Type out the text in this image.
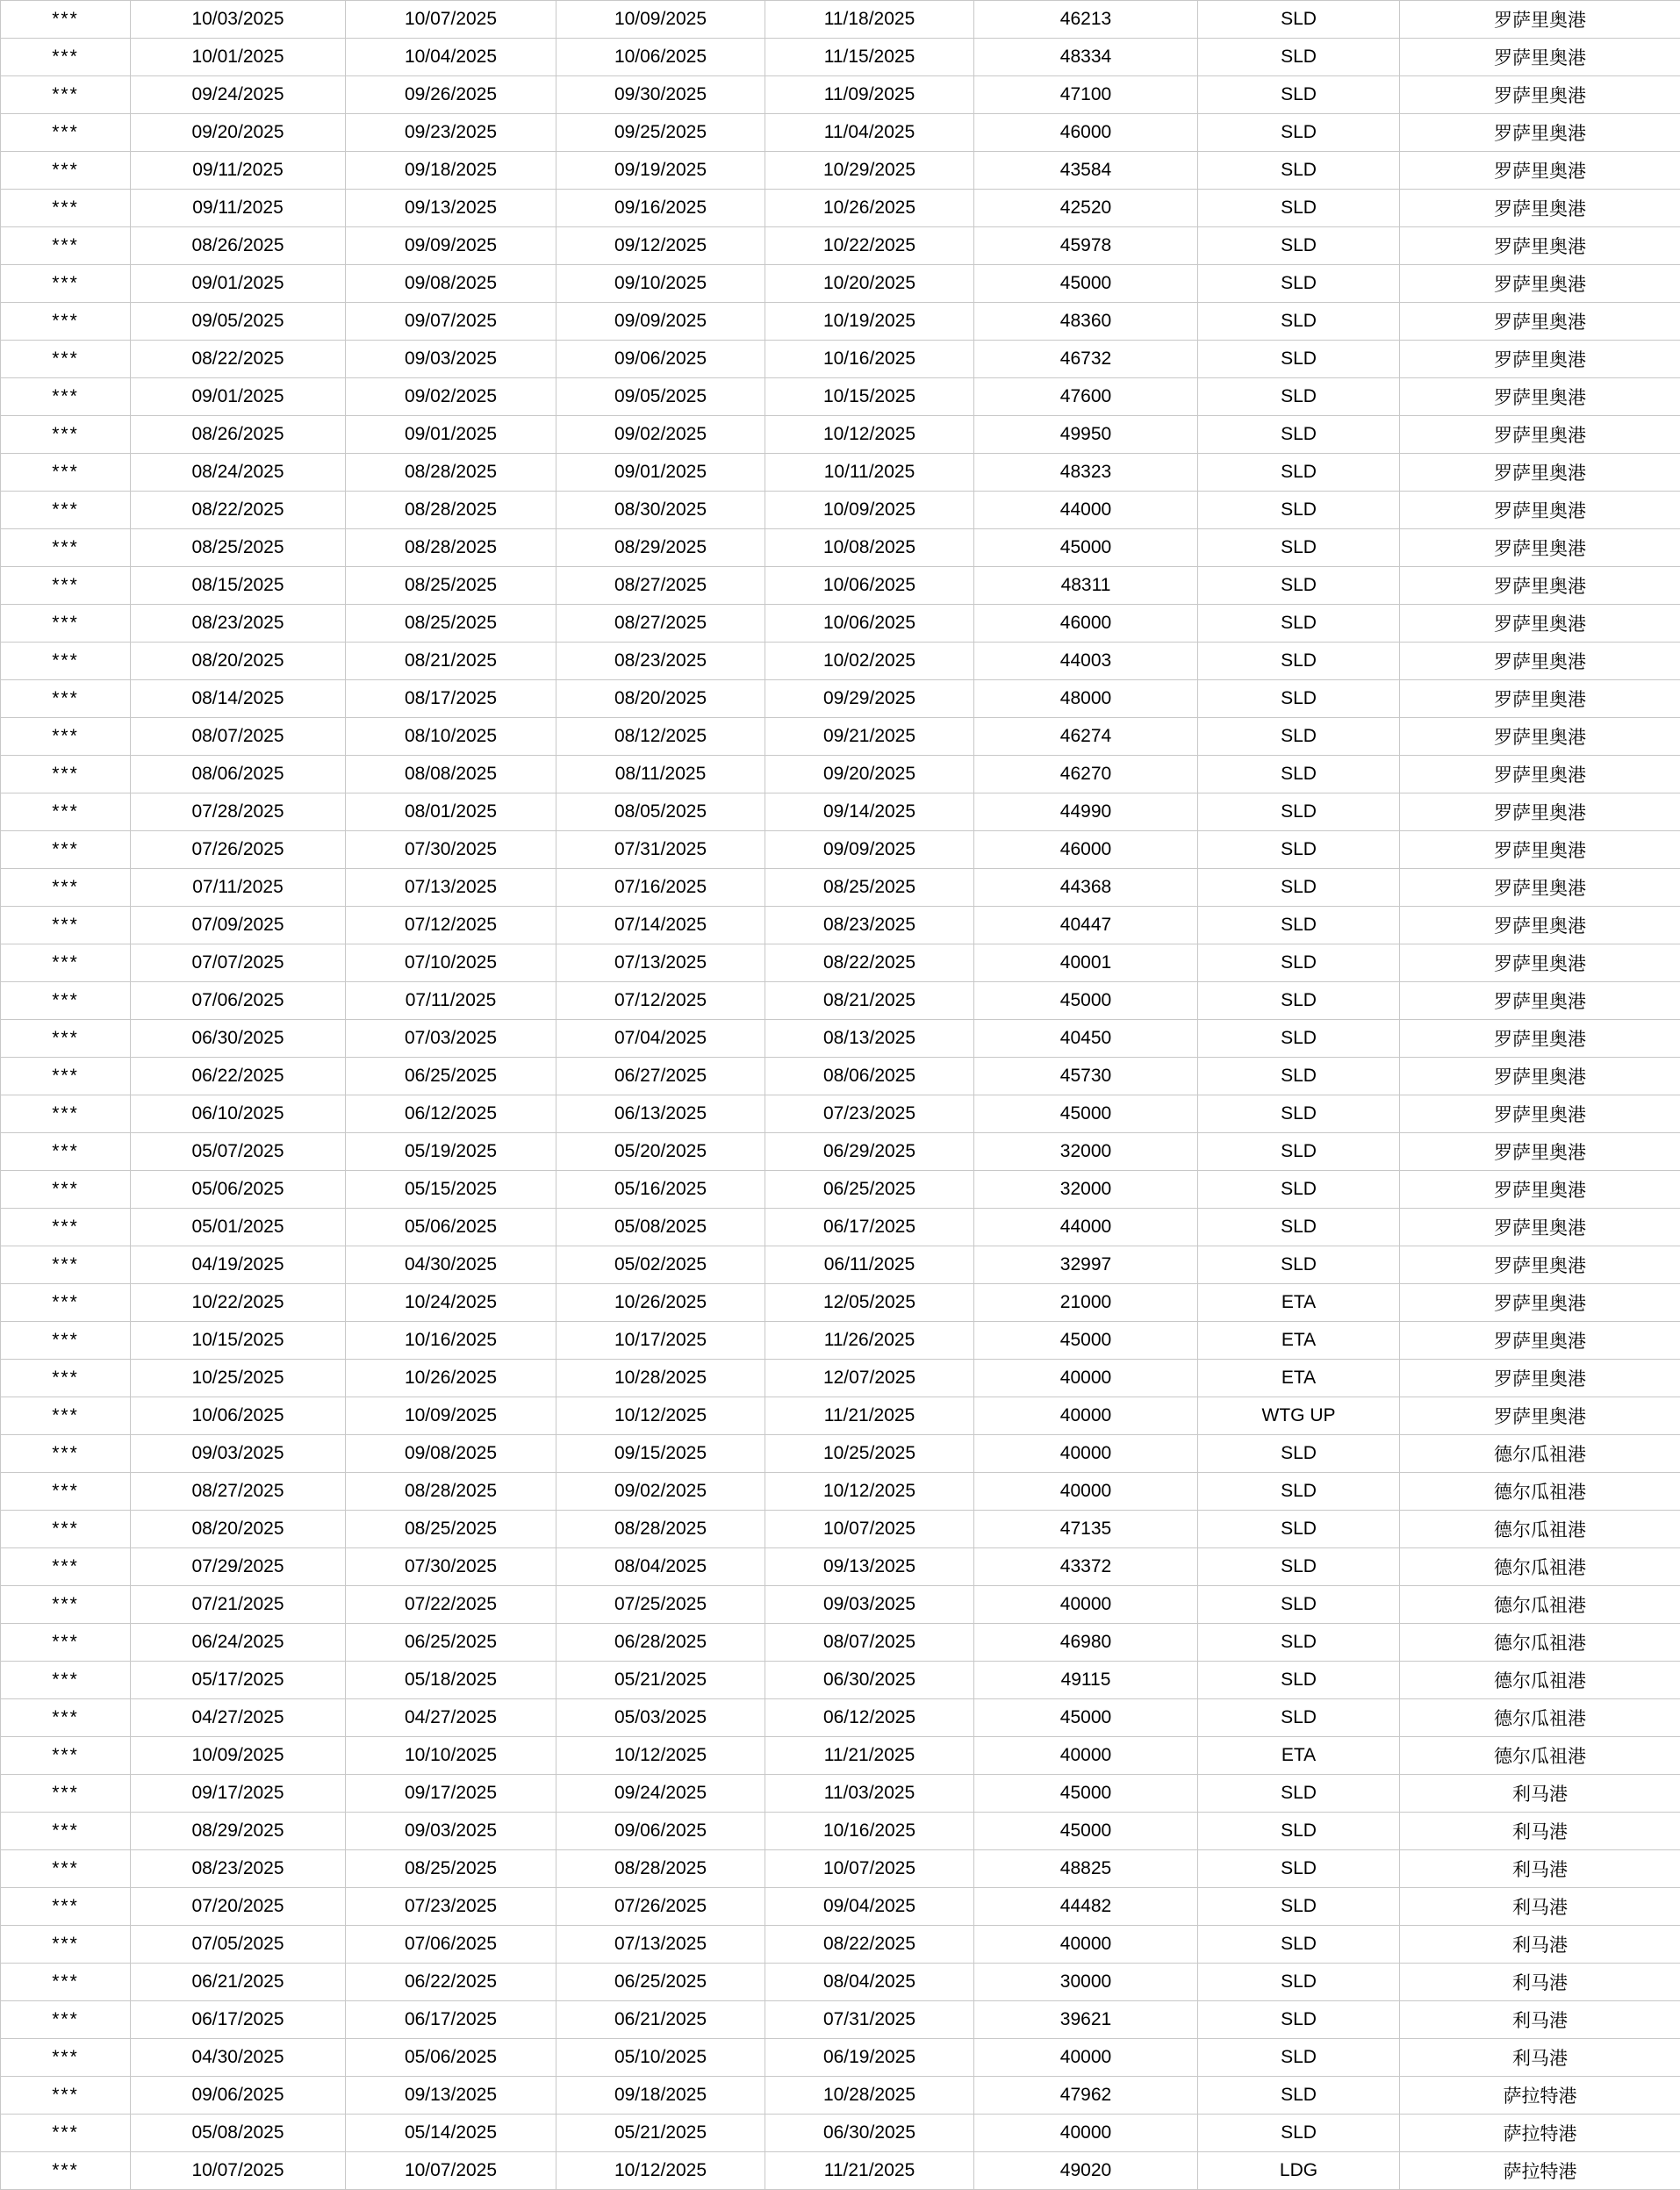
***	10/03/2025	10/07/2025	10/09/2025	11/18/2025	46213	SLD	罗萨里奥港
***	10/01/2025	10/04/2025	10/06/2025	11/15/2025	48334	SLD	罗萨里奥港
***	09/24/2025	09/26/2025	09/30/2025	11/09/2025	47100	SLD	罗萨里奥港
***	09/20/2025	09/23/2025	09/25/2025	11/04/2025	46000	SLD	罗萨里奥港
***	09/11/2025	09/18/2025	09/19/2025	10/29/2025	43584	SLD	罗萨里奥港
***	09/11/2025	09/13/2025	09/16/2025	10/26/2025	42520	SLD	罗萨里奥港
***	08/26/2025	09/09/2025	09/12/2025	10/22/2025	45978	SLD	罗萨里奥港
***	09/01/2025	09/08/2025	09/10/2025	10/20/2025	45000	SLD	罗萨里奥港
***	09/05/2025	09/07/2025	09/09/2025	10/19/2025	48360	SLD	罗萨里奥港
***	08/22/2025	09/03/2025	09/06/2025	10/16/2025	46732	SLD	罗萨里奥港
***	09/01/2025	09/02/2025	09/05/2025	10/15/2025	47600	SLD	罗萨里奥港
***	08/26/2025	09/01/2025	09/02/2025	10/12/2025	49950	SLD	罗萨里奥港
***	08/24/2025	08/28/2025	09/01/2025	10/11/2025	48323	SLD	罗萨里奥港
***	08/22/2025	08/28/2025	08/30/2025	10/09/2025	44000	SLD	罗萨里奥港
***	08/25/2025	08/28/2025	08/29/2025	10/08/2025	45000	SLD	罗萨里奥港
***	08/15/2025	08/25/2025	08/27/2025	10/06/2025	48311	SLD	罗萨里奥港
***	08/23/2025	08/25/2025	08/27/2025	10/06/2025	46000	SLD	罗萨里奥港
***	08/20/2025	08/21/2025	08/23/2025	10/02/2025	44003	SLD	罗萨里奥港
***	08/14/2025	08/17/2025	08/20/2025	09/29/2025	48000	SLD	罗萨里奥港
***	08/07/2025	08/10/2025	08/12/2025	09/21/2025	46274	SLD	罗萨里奥港
***	08/06/2025	08/08/2025	08/11/2025	09/20/2025	46270	SLD	罗萨里奥港
***	07/28/2025	08/01/2025	08/05/2025	09/14/2025	44990	SLD	罗萨里奥港
***	07/26/2025	07/30/2025	07/31/2025	09/09/2025	46000	SLD	罗萨里奥港
***	07/11/2025	07/13/2025	07/16/2025	08/25/2025	44368	SLD	罗萨里奥港
***	07/09/2025	07/12/2025	07/14/2025	08/23/2025	40447	SLD	罗萨里奥港
***	07/07/2025	07/10/2025	07/13/2025	08/22/2025	40001	SLD	罗萨里奥港
***	07/06/2025	07/11/2025	07/12/2025	08/21/2025	45000	SLD	罗萨里奥港
***	06/30/2025	07/03/2025	07/04/2025	08/13/2025	40450	SLD	罗萨里奥港
***	06/22/2025	06/25/2025	06/27/2025	08/06/2025	45730	SLD	罗萨里奥港
***	06/10/2025	06/12/2025	06/13/2025	07/23/2025	45000	SLD	罗萨里奥港
***	05/07/2025	05/19/2025	05/20/2025	06/29/2025	32000	SLD	罗萨里奥港
***	05/06/2025	05/15/2025	05/16/2025	06/25/2025	32000	SLD	罗萨里奥港
***	05/01/2025	05/06/2025	05/08/2025	06/17/2025	44000	SLD	罗萨里奥港
***	04/19/2025	04/30/2025	05/02/2025	06/11/2025	32997	SLD	罗萨里奥港
***	10/22/2025	10/24/2025	10/26/2025	12/05/2025	21000	ETA	罗萨里奥港
***	10/15/2025	10/16/2025	10/17/2025	11/26/2025	45000	ETA	罗萨里奥港
***	10/25/2025	10/26/2025	10/28/2025	12/07/2025	40000	ETA	罗萨里奥港
***	10/06/2025	10/09/2025	10/12/2025	11/21/2025	40000	WTG UP	罗萨里奥港
***	09/03/2025	09/08/2025	09/15/2025	10/25/2025	40000	SLD	德尔瓜祖港
***	08/27/2025	08/28/2025	09/02/2025	10/12/2025	40000	SLD	德尔瓜祖港
***	08/20/2025	08/25/2025	08/28/2025	10/07/2025	47135	SLD	德尔瓜祖港
***	07/29/2025	07/30/2025	08/04/2025	09/13/2025	43372	SLD	德尔瓜祖港
***	07/21/2025	07/22/2025	07/25/2025	09/03/2025	40000	SLD	德尔瓜祖港
***	06/24/2025	06/25/2025	06/28/2025	08/07/2025	46980	SLD	德尔瓜祖港
***	05/17/2025	05/18/2025	05/21/2025	06/30/2025	49115	SLD	德尔瓜祖港
***	04/27/2025	04/27/2025	05/03/2025	06/12/2025	45000	SLD	德尔瓜祖港
***	10/09/2025	10/10/2025	10/12/2025	11/21/2025	40000	ETA	德尔瓜祖港
***	09/17/2025	09/17/2025	09/24/2025	11/03/2025	45000	SLD	利马港
***	08/29/2025	09/03/2025	09/06/2025	10/16/2025	45000	SLD	利马港
***	08/23/2025	08/25/2025	08/28/2025	10/07/2025	48825	SLD	利马港
***	07/20/2025	07/23/2025	07/26/2025	09/04/2025	44482	SLD	利马港
***	07/05/2025	07/06/2025	07/13/2025	08/22/2025	40000	SLD	利马港
***	06/21/2025	06/22/2025	06/25/2025	08/04/2025	30000	SLD	利马港
***	06/17/2025	06/17/2025	06/21/2025	07/31/2025	39621	SLD	利马港
***	04/30/2025	05/06/2025	05/10/2025	06/19/2025	40000	SLD	利马港
***	09/06/2025	09/13/2025	09/18/2025	10/28/2025	47962	SLD	萨拉特港
***	05/08/2025	05/14/2025	05/21/2025	06/30/2025	40000	SLD	萨拉特港
***	10/07/2025	10/07/2025	10/12/2025	11/21/2025	49020	LDG	萨拉特港
